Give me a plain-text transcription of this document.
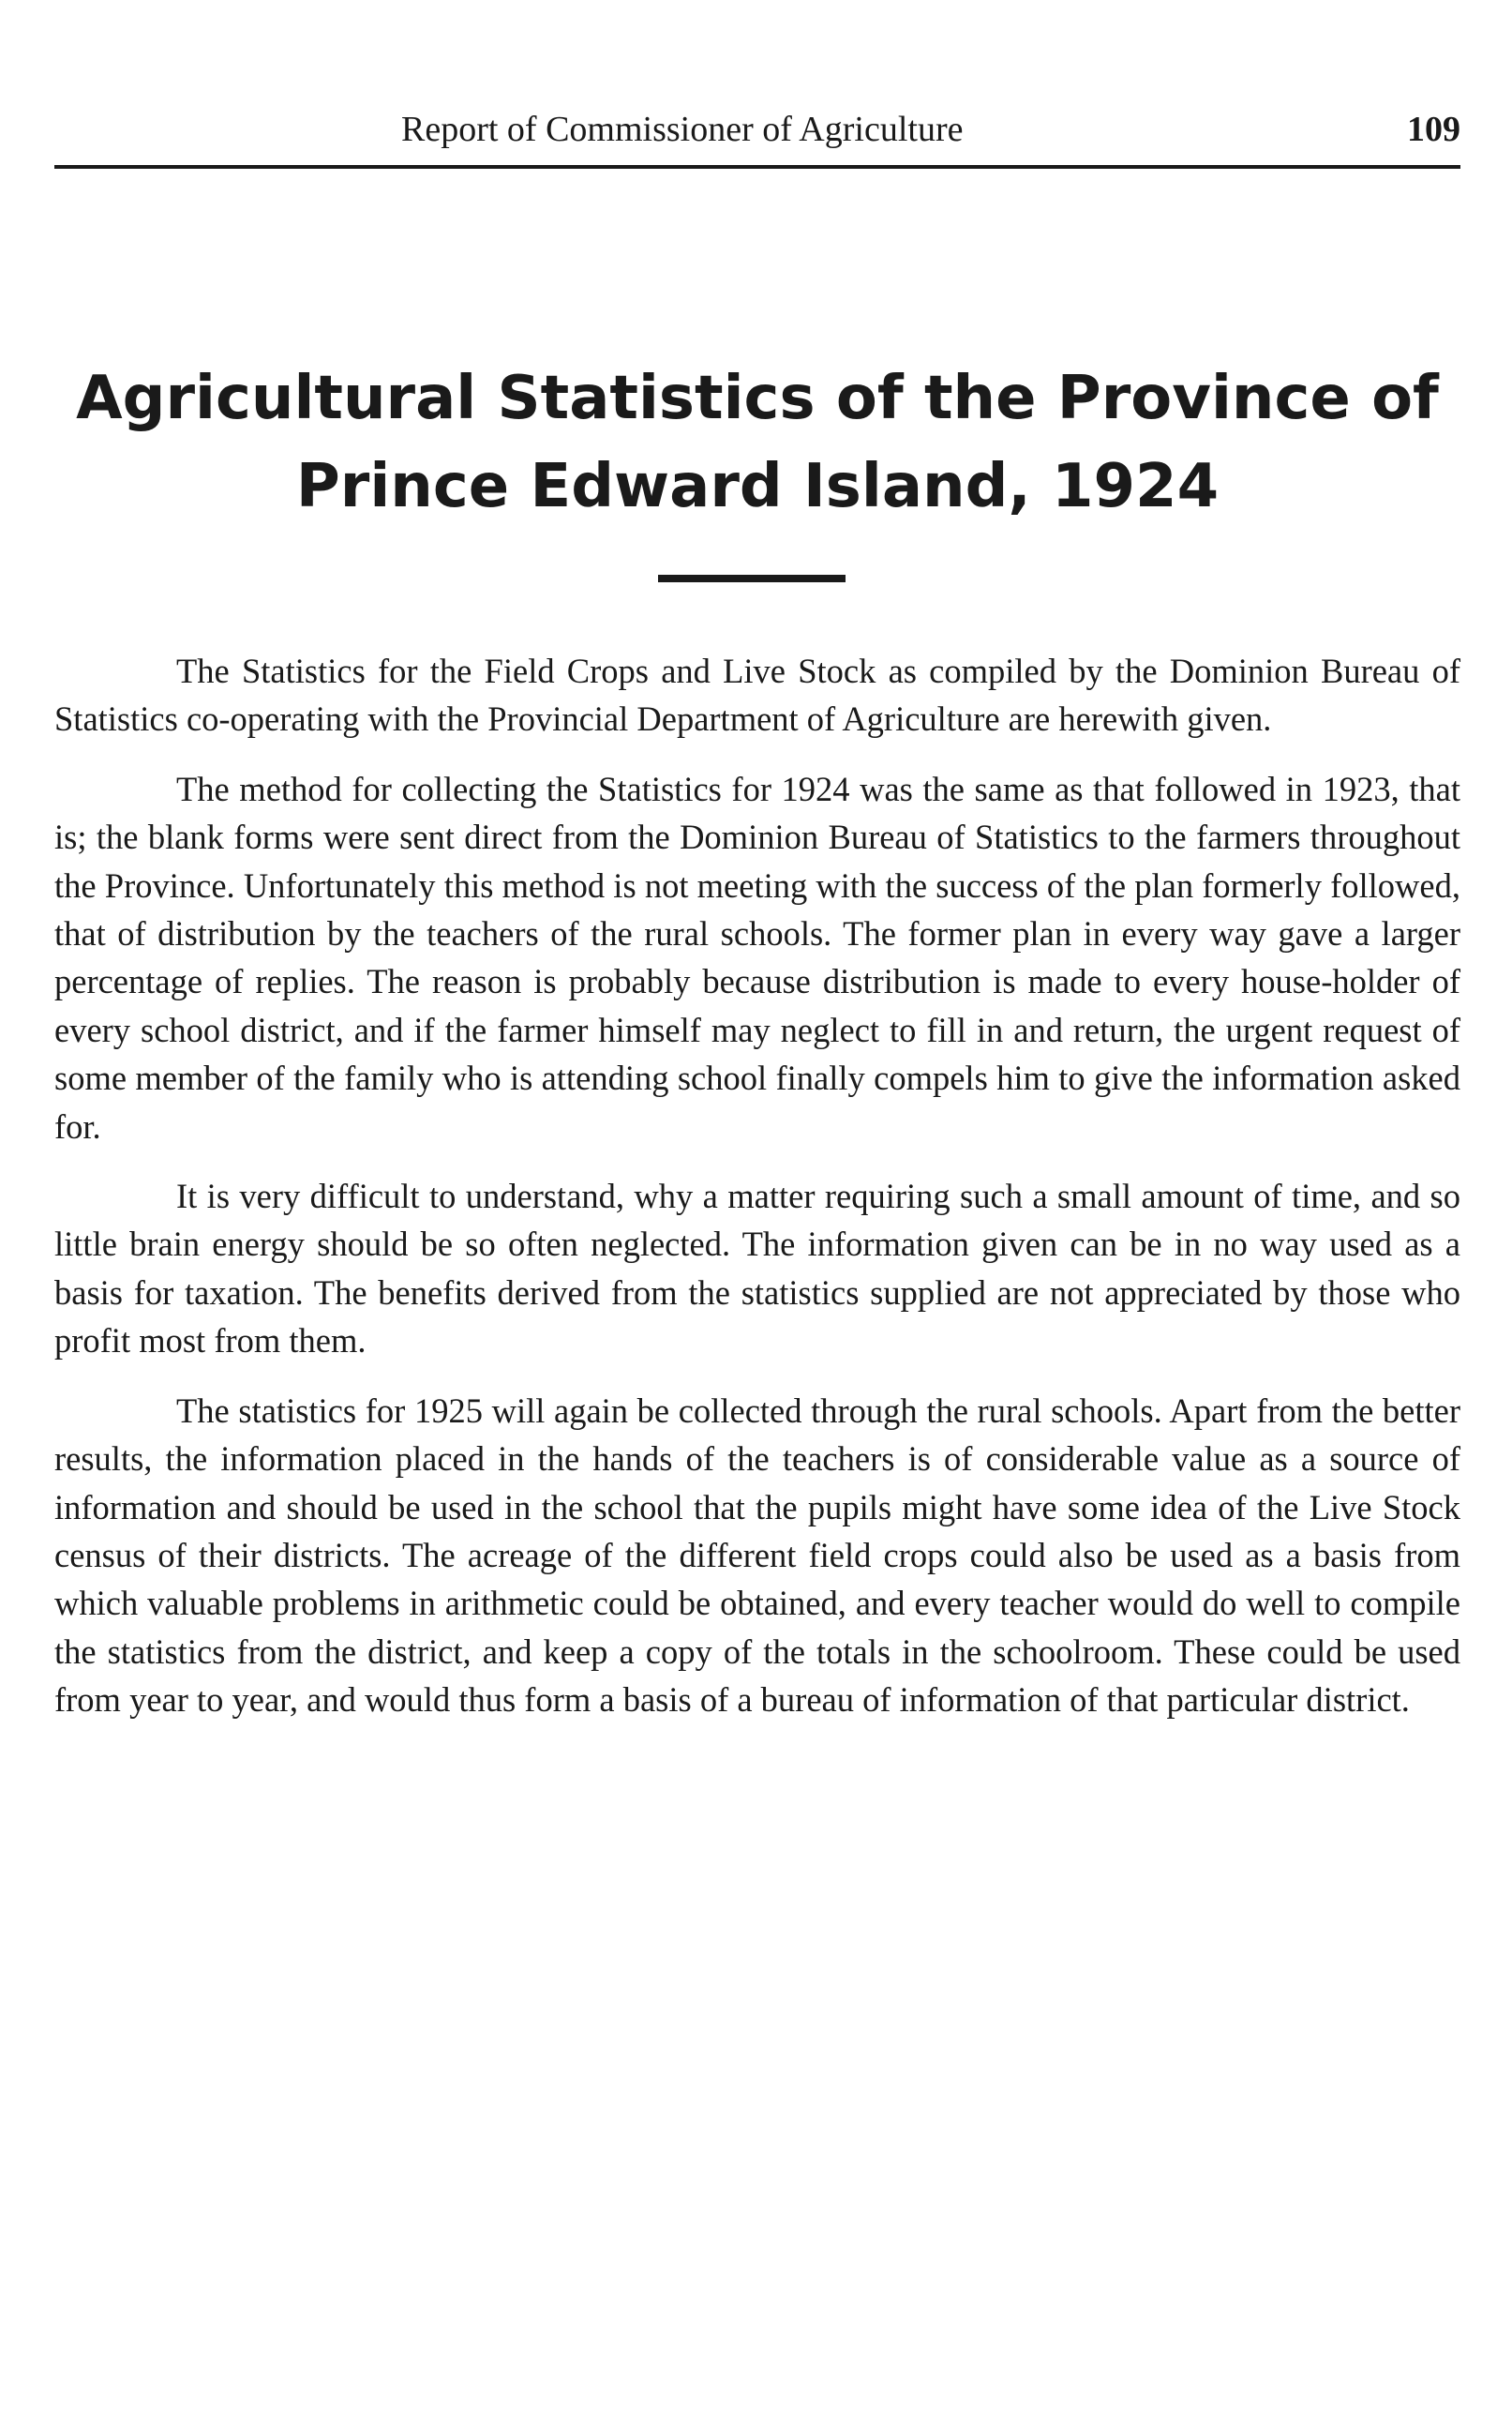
Report of Commissioner of Agriculture	109
Agricultural Statistics of the Province of
Prince Edward Island, 1924

The Statistics for the Field Crops and Live Stock as compiled by the Dominion Bureau of Statistics co-operating with the Provincial Department of Agriculture are herewith given.

The method for collecting the Statistics for 1924 was the same as that followed in 1923, that is; the blank forms were sent direct from the Dominion Bureau of Statistics to the farmers throughout the Province. Unfortunately this method is not meeting with the success of the plan formerly followed, that of distribution by the teachers of the rural schools. The former plan in every way gave a larger percentage of replies. The reason is probably because distribution is made to every house-holder of every school district, and if the farmer himself may neglect to fill in and return, the urgent request of some member of the family who is attending school finally compels him to give the information asked for.

It is very difficult to understand, why a matter requiring such a small amount of time, and so little brain energy should be so often neglected. The information given can be in no way used as a basis for taxation. The benefits derived from the statistics supplied are not appreciated by those who profit most from them.

The statistics for 1925 will again be collected through the rural schools. Apart from the better results, the information placed in the hands of the teachers is of considerable value as a source of information and should be used in the school that the pupils might have some idea of the Live Stock census of their districts. The acreage of the different field crops could also be used as a basis from which valuable problems in arithmetic could be obtained, and every teacher would do well to compile the statistics from the district, and keep a copy of the totals in the schoolroom. These could be used from year to year, and would thus form a basis of a bureau of information of that particular district.
